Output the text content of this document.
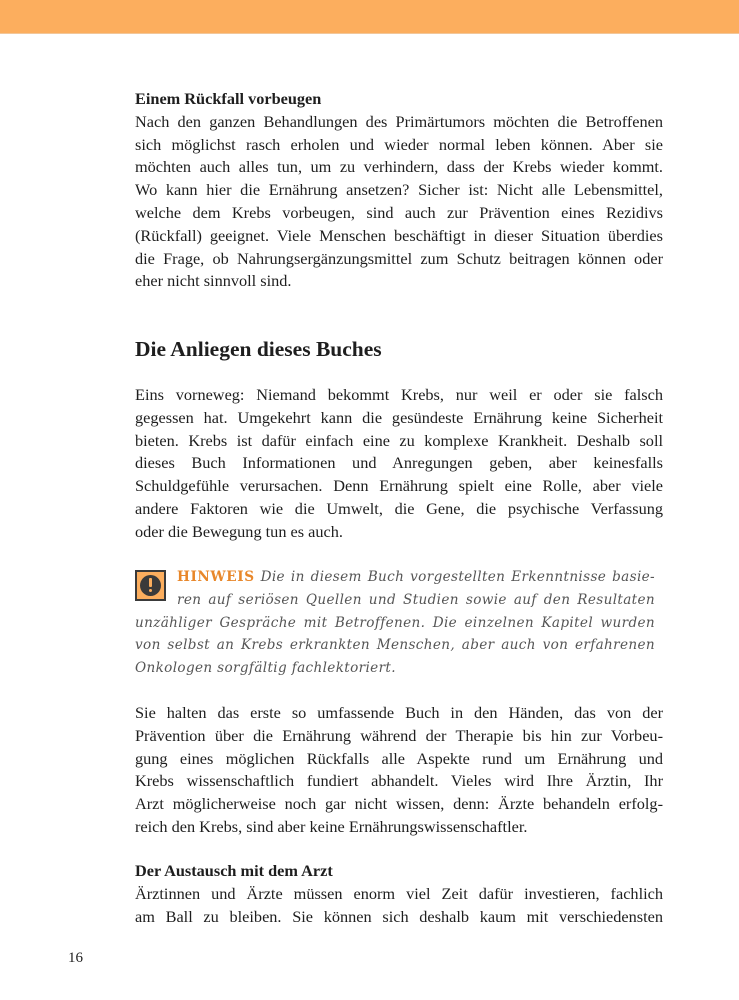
Einem Rückfall vorbeugen
Nach den ganzen Behandlungen des Primärtumors möchten die Betroffenen
sich möglichst rasch erholen und wieder normal leben können. Aber sie
möchten auch alles tun, um zu verhindern, dass der Krebs wieder kommt.
Wo kann hier die Ernährung ansetzen? Sicher ist: Nicht alle Lebensmittel,
welche dem Krebs vorbeugen, sind auch zur Prävention eines Rezidivs
(Rückfall) geeignet. Viele Menschen beschäftigt in dieser Situation überdies
die Frage, ob Nahrungsergänzungsmittel zum Schutz beitragen können oder
eher nicht sinnvoll sind.
Die Anliegen dieses Buches
Eins vorneweg: Niemand bekommt Krebs, nur weil er oder sie falsch
gegessen hat. Umgekehrt kann die gesündeste Ernährung keine Sicherheit
bieten. Krebs ist dafür einfach eine zu komplexe Krankheit. Deshalb soll
dieses Buch Informationen und Anregungen geben, aber keinesfalls
Schuldgefühle verursachen. Denn Ernährung spielt eine Rolle, aber viele
andere Faktoren wie die Umwelt, die Gene, die psychische Verfassung
oder die Bewegung tun es auch.
HINWEIS Die in diesem Buch vorgestellten Erkenntnisse basie-
ren auf seriösen Quellen und Studien sowie auf den Resultaten
unzähliger Gespräche mit Betroffenen. Die einzelnen Kapitel wurden
von selbst an Krebs erkrankten Menschen, aber auch von erfahrenen
Onkologen sorgfältig fachlektoriert.
Sie halten das erste so umfassende Buch in den Händen, das von der
Prävention über die Ernährung während der Therapie bis hin zur Vorbeu-
gung eines möglichen Rückfalls alle Aspekte rund um Ernährung und
Krebs wissenschaftlich fundiert abhandelt. Vieles wird Ihre Ärztin, Ihr
Arzt möglicherweise noch gar nicht wissen, denn: Ärzte behandeln erfolg-
reich den Krebs, sind aber keine Ernährungswissenschaftler.
Der Austausch mit dem Arzt
Ärztinnen und Ärzte müssen enorm viel Zeit dafür investieren, fachlich
am Ball zu bleiben. Sie können sich deshalb kaum mit verschiedensten
16
